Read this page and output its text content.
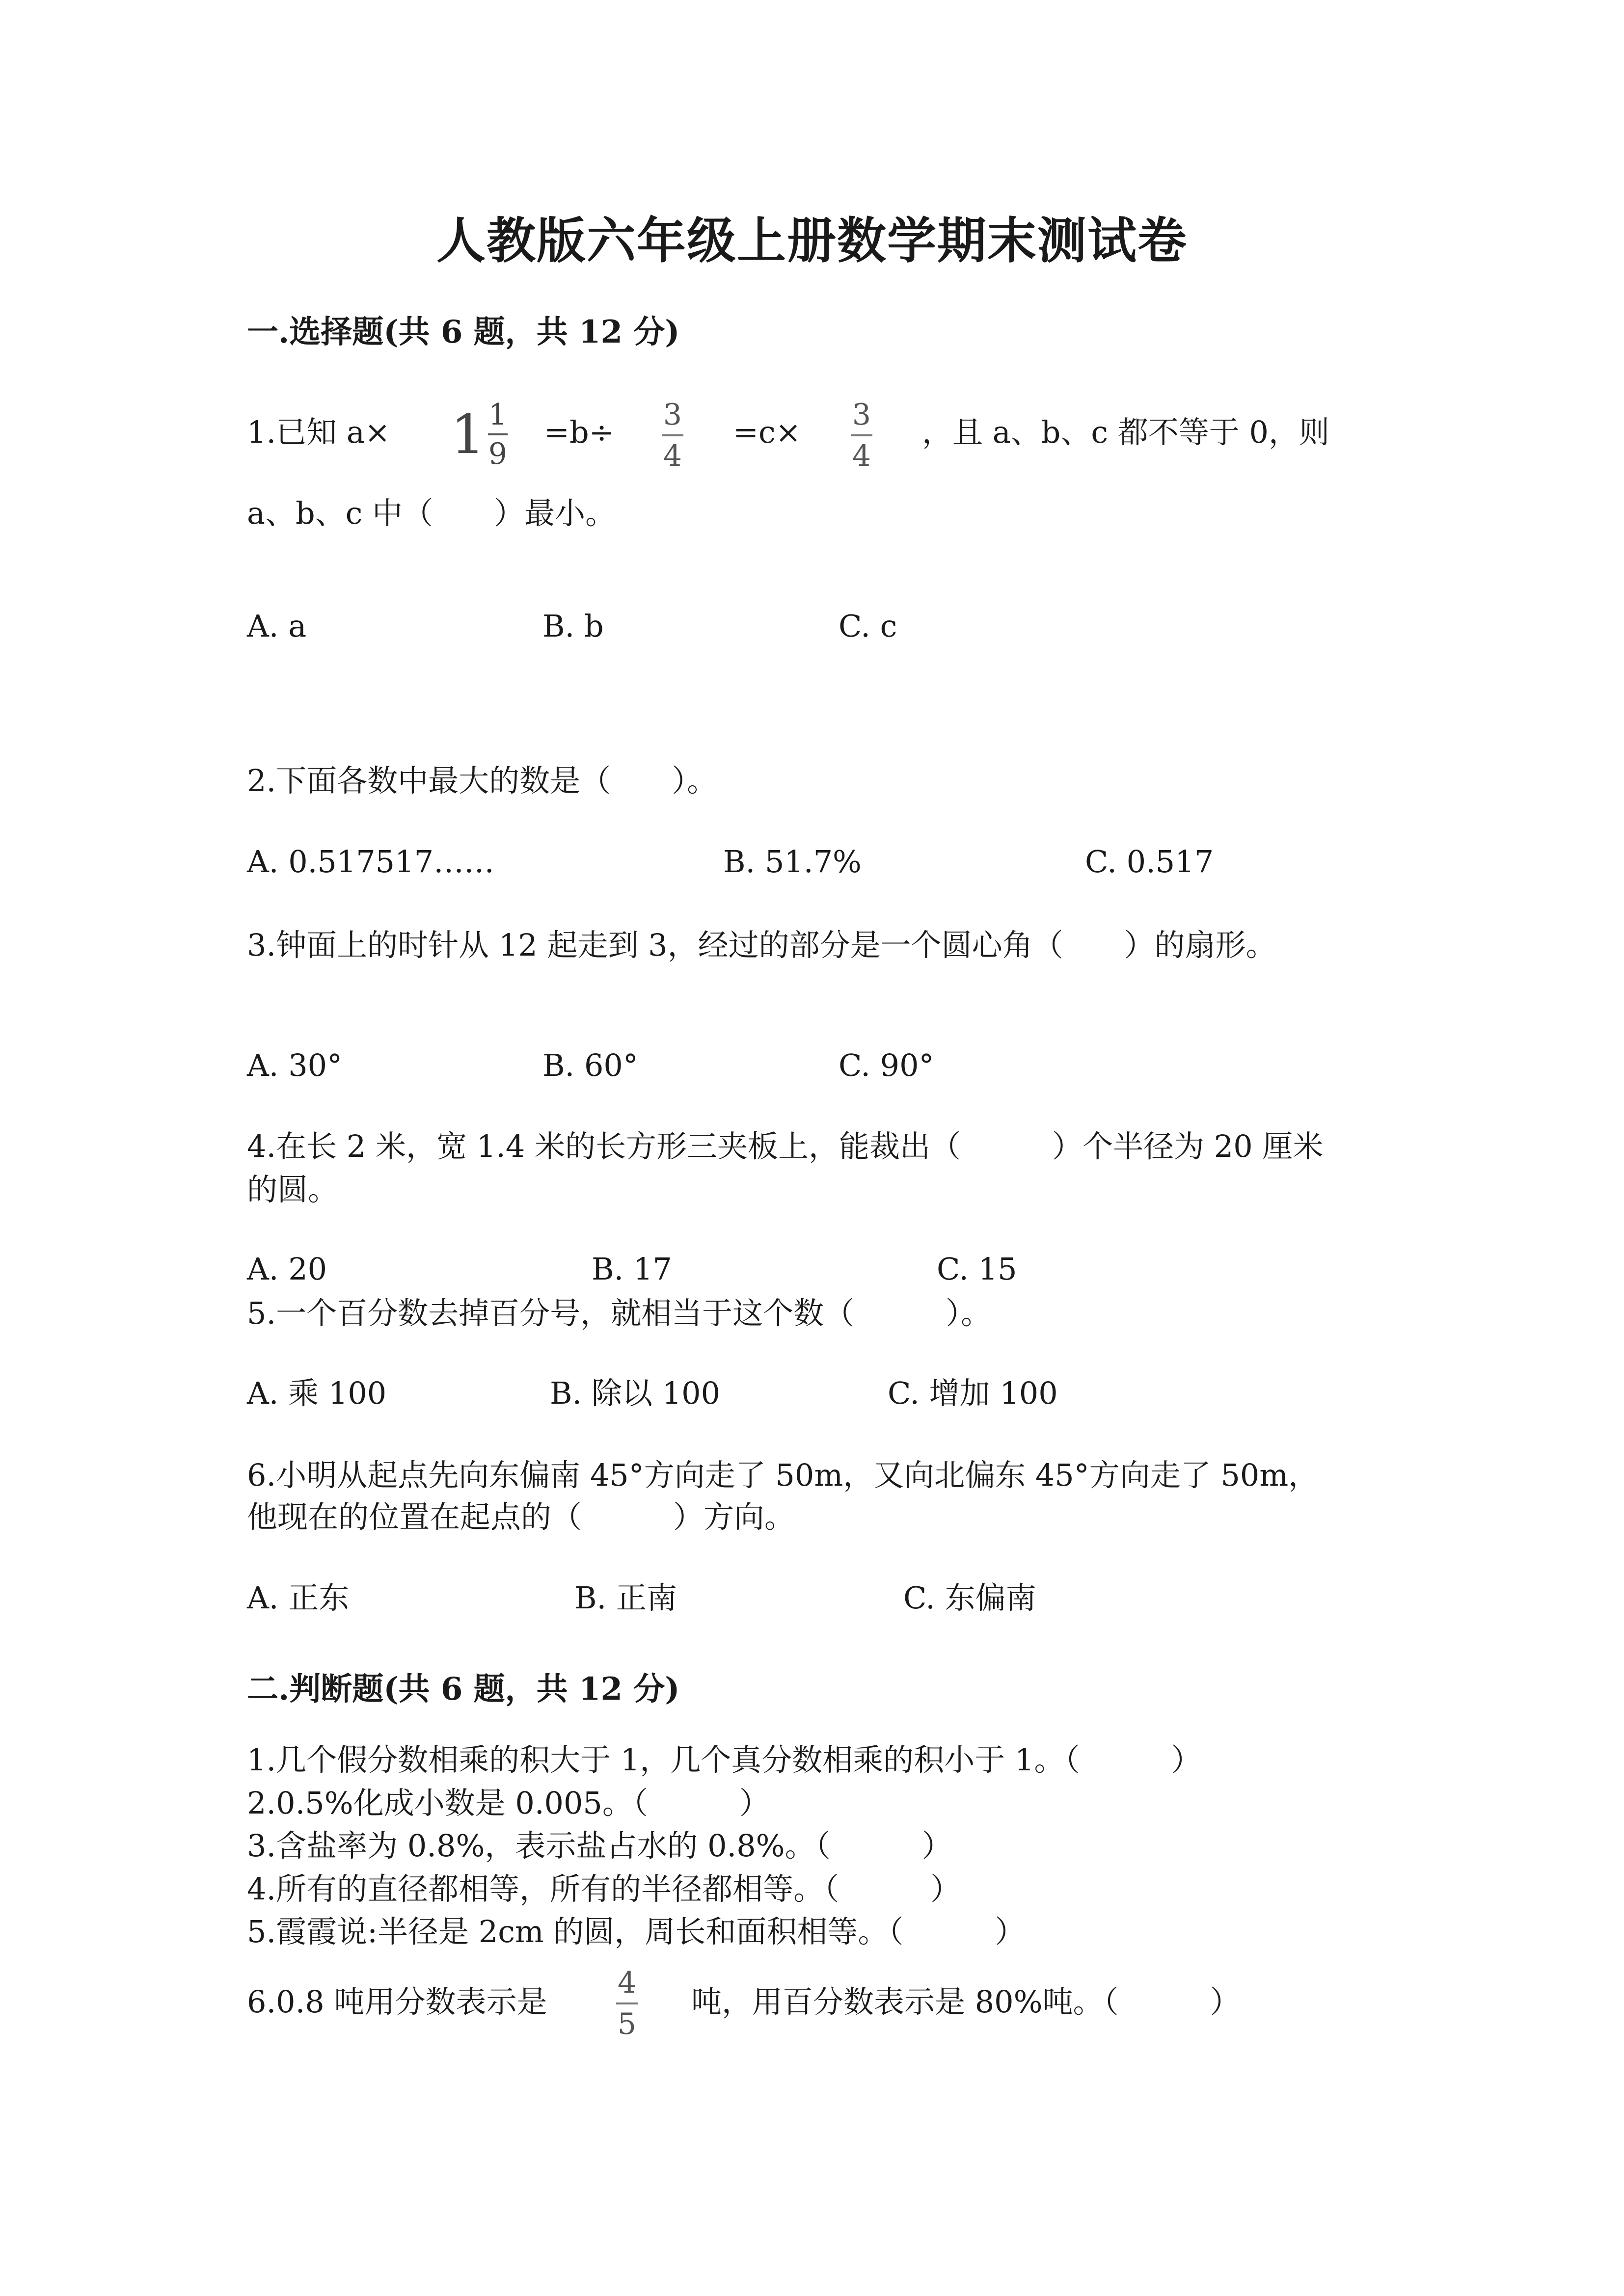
人教版六年级上册数学期末测试卷
一.选择题(共 6 题，共 12 分)
1.已知 $a\times 1 \frac{1}{9} =b\div 3$
4
=c× 3
4
，且 a、b、c 都不等于 0，则
a、b、c 中（　　）最小。
A. a	B. b	C. c
2.下面各数中最大的数是（　　）。
A. 0.517517……	B. 51.7%	C. 0.517
3.钟面上的时针从 12 起走到 3，经过的部分是一个圆心角（　　）的扇形。
A. 30°	B. 60°	C. 90°
4.在长 2 米，宽 1.4 米的长方形三夹板上，能裁出（　　　）个半径为 20 厘米
的圆。
A. 20	B. 17	C. 15
5.一个百分数去掉百分号，就相当于这个数（　　　）。
A. 乘 100	B. 除以 100	C. 增加 100
6.小明从起点先向东偏南 45°方向走了 50m，又向北偏东 45°方向走了 50m，
他现在的位置在起点的（　　　）方向。
A. 正东	B. 正南	C. 东偏南
二.判断题(共 6 题，共 12 分)
1.几个假分数相乘的积大于 1，几个真分数相乘的积小于 1。（　　　）
2.0.5%化成小数是 0.005。（　　　）
3.含盐率为 0.8%，表示盐占水的 0.8%。（　　　）
4.所有的直径都相等，所有的半径都相等。（　　　）
5.霞霞说:半径是 2cm 的圆，周长和面积相等。（　　　）
6.0.8 吨用分数表示是
4
5
吨，用百分数表示是 80%吨。（　　　）
